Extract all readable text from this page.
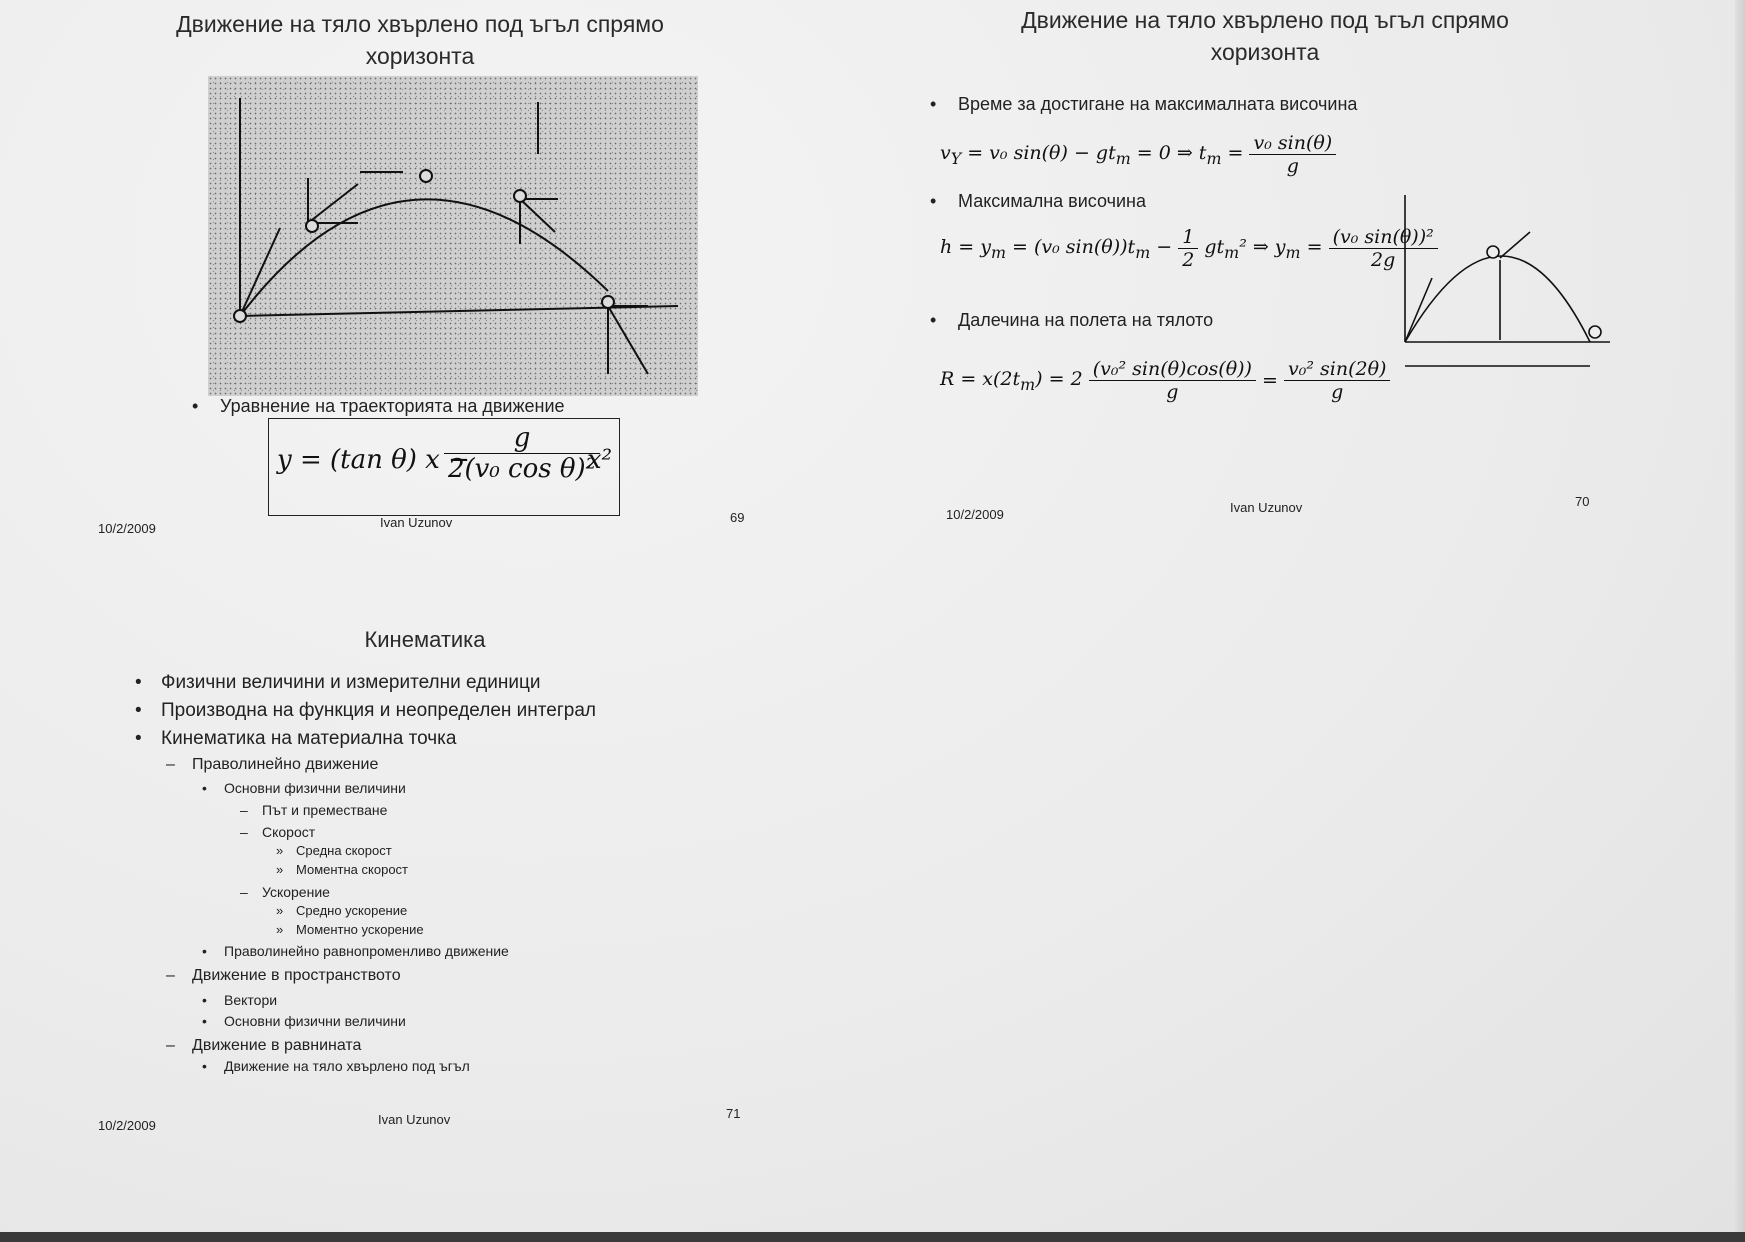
Движение на тяло хвърлено под ъгъл спрямо
хоризонта
• Уравнение на траекторията на движение
y = (tan θ) x −
$\frac{g}{\text{2(v₀ cos θ)²}}$
x²
10/2/2009	Ivan Uzunov	69
Движение на тяло хвърлено под ъгъл спрямо
хоризонта
• Време за достигане на максималната височина
$v_Y = v_0$ $\sin(\theta) - gt_m = 0$ ⇒ $t_m = \frac{\text{v₀ sin(θ)}}{g}$
• Максимална височина
$h = y_m = (v_0$ $\sin(\theta))t_m - \frac{1}{2} gt_m^2$ ⇒ $y_m = \frac{\text{(v₀ sin(θ))²}}{2g}$
• Далечина на полета на тялото
$R = x(2t_m) = 2 \frac{\text{(v₀² sin(θ)cos(θ))}}{g} = \frac{\text{v₀² sin(2θ)}}{g}$
10/2/2009	Ivan Uzunov	70
Кинематика
• Физични величини и измерителни единици
• Производна на функция и неопределен интеграл
• Кинематика на материална точка
– Праволинейно движение
• Основни физични величини
– Път и преместване
– Скорост
» Средна скорост
» Моментна скорост
– Ускорение
» Средно ускорение
» Моментно ускорение
• Праволинейно равнопроменливо движение
– Движение в пространството
• Вектори
• Основни физични величини
– Движение в равнината
• Движение на тяло хвърлено под ъгъл
10/2/2009	Ivan Uzunov	71
